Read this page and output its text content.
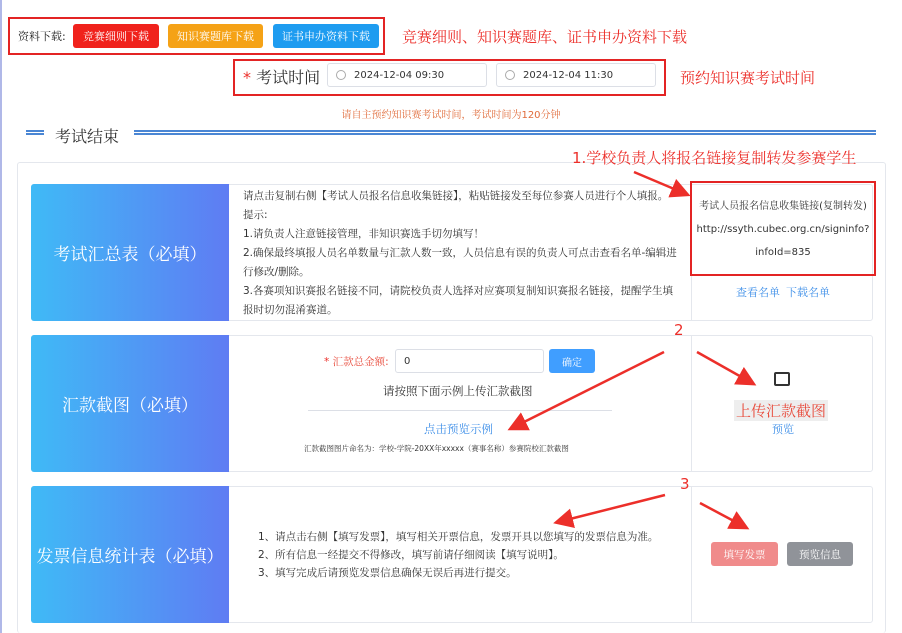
资料下载:	竞赛细则下载	知识赛题库下载	证书申办资料下载	竞赛细则、知识赛题库、证书申办资料下载
* 考试时间	2024-12-04 09:30	2024-12-04 11:30	预约知识赛考试时间
请自主预约知识赛考试时间，考试时间为120分钟
考试结束
1.学校负责人将报名链接复制转发参赛学生
考试汇总表（必填）
请点击复制右侧【考试人员报名信息收集链接】，粘贴链接发至每位参赛人员进行个人填报。
提示:
1.请负责人注意链接管理，非知识赛选手切勿填写！
2.确保最终填报人员名单数量与汇款人数一致，人员信息有误的负责人可点击查看名单-编辑进行修改/删除。
3.各赛项知识赛报名链接不同，请院校负责人选择对应赛项复制知识赛报名链接，提醒学生填报时切勿混淆赛道。
考试人员报名信息收集链接(复制转发)
http://ssyth.cubec.org.cn/signinfo?
infoId=835
查看名单 下载名单
汇款截图（必填）
* 汇款总金额:	0	确定
请按照下面示例上传汇款截图
点击预览示例
汇款截图图片命名为：学校-学院-20XX年xxxxx（赛事名称）参赛院校汇款截图
2
上传汇款截图
预览
发票信息统计表（必填）
1、请点击右侧【填写发票】，填写相关开票信息，发票开具以您填写的发票信息为准。
2、所有信息一经提交不得修改，填写前请仔细阅读【填写说明】。
3、填写完成后请预览发票信息确保无误后再进行提交。
3
填写发票	预览信息
